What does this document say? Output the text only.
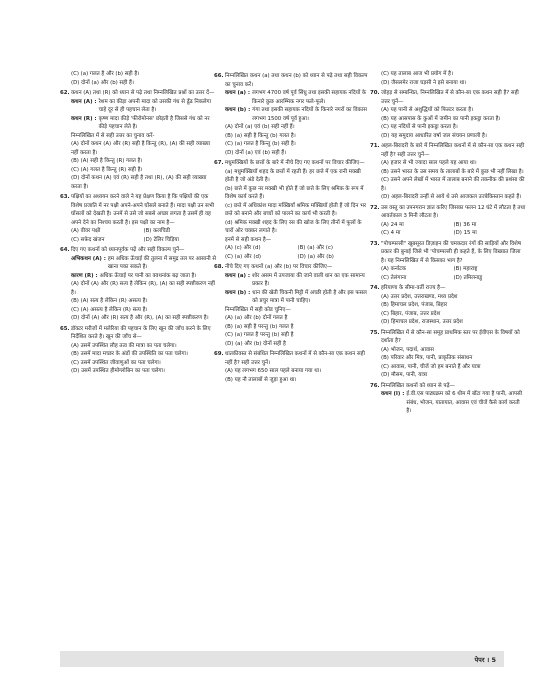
(C) (a) गलत है और (b) सही है।
(D) दोनों (a) और (b) सही हैं।
62. कथन (A) तथा (R) को ध्यान से पढ़े तथा निम्नलिखित प्रश्नों का उत्तर दें—
कथन (A) : रेशम का कीड़ा अपनी मादा को उसकी गंध से ढूँढ निकलेगा चाहे दूर से ही पहचान लेता है।
कथन (R) : कृष्ण मादा कीड़े 'फीरोमोनस' छोड़ती है जिससे गंध को नर कीड़े पहचान लेते है।
निम्नलिखित में से सही उत्तर का चुनाव करें-
(A) दोनों कथन (A) और (R) सही है किन्तु (R), (A) की सही व्याख्या नहीं करता है।
(B) (A) सही है किन्तु (R) गलत है।
(C) (A) गलत है किन्तु (R) सही है।
(D) दोनों कथन (A) एवं (R) सही है तथा (R), (A) की सही व्याख्या करता है।
63. पक्षियों का अध्ययन करने वाले ने यह प्रेक्षण किया है कि पक्षियों की एक विशेष प्रजाति में नर पक्षी अपने-अपने घोंसले बनाते हैं। मादा पक्षी उन सभी घोंसलों को देखती है। उनमें से उसे जो सबसे अच्छा लगता है उसमें ही वह अपने देने का निश्चय करती है। इस पक्षी का नाम है—
(A) वीवर पक्षी	(B) कलचिडी
(C) सफ़ेद खंजन	(D) टेलिर चिड़िया
64. दिए गए कथनों को ध्यानपूर्वक पढ़ें और सही विकल्प चुनें—
अभिकथन (A) : हम अधिक ऊँचाई की तुलना में समुद्र तल पर आसानी से खाना पका सकते है।
कारण (R) : अधिक ऊँचाई पर पानी का क्वथनांक बढ़ जाता है।
(A) दोनों (A) और (R) सत्य है लेकिन (R), (A) का सही स्पष्टीकरण नहीं है।
(B) (A) सत्य है लेकिन (R) असत्य है।
(C) (A) असत्य है लेकिन (R) सत्य है।
(D) दोनों (A) और (R) सत्य है और (R), (A) का सही स्पष्टीकरण है।
65. डॉक्टर मरीजों में मलेरिया की पहचान के लिए खून की जाँच करने के लिए निर्देशित करते है। खून की जाँच से—
(A) उसमें उपस्थित लौह तत्व की मात्रा का पता चलेगा।
(B) उसमें मादा मच्छर के अंडों की उपस्थिति का पता चलेगा।
(C) उसमें उपस्थित जीवाणुओं का पता चलेगा।
(D) उसमें उपस्थित हीमोग्लोबिन का पता चलेगा।
66. निम्नलिखित कथन (a) तथा कथन (b) को ध्यान से पढ़े तथा सही विकल्प का चुनाव करें।
कथन (a) : लगभग 4700 वर्ष पूर्व सिंधु तथा इसकी सहायक नदियों के किनारे कुछ आरम्भिक नगर फले-फूले।
कथन (b) : गंगा तथा इसकी सहायक नदियों के किनारे नगरों का विकास लगभग 1500 वर्ष पूर्व हुआ।
(A) दोनों (a) एवं (b) सही नहीं हैं।
(B) (a) सही है किन्तु (b) गलत है।
(C) (a) गलत है किन्तु (b) सही है।
(D) दोनों (a) एवं (b) सही हैं।
67. मधुमक्खियों के छत्तों के बारे में नीचे दिए गए कथनों पर विचार कीजिए—
(a) मधुमक्खियाँ शहद के छत्तों में रहती हैं। हर छत्ते में एक रानी मक्खी होती है जो अंडे देती है।
(b) छत्ते में कुछ नर मक्खी भी होते हैं जो छत्ते के लिए श्रमिक के रूप में विशेष कार्य करते हैं।
(c) छत्ते में अधिकांश मादा मक्खियाँ श्रमिक मक्खियाँ होती हैं जो दिन भर छत्ते को बनाने और बच्चों को पालने का कार्य भी करती है।
(d) श्रमिक मक्खी शहद के लिए रस की खोज के लिए तीनों में फूलों के चारों ओर चक्कर लगाते है।
इनमें से सही कथन है—
(A) (c) और (d)	(B) (a) और (c)
(C) (a) और (d)	(D) (a) और (b)
68. नीचे दिए गए कथनों (a) और (b) पर विचार कीजिए—
कथन (a) : शोर असम में उपजाया की जाने वाली धान का एक सामान्य प्रकार है।
कथन (b) : धान की खेती चिकनी मिट्टी में अच्छी होती है और इस फसल को प्रचुर मात्रा में पानी चाहिए।
निम्नलिखित में सही कोड चुनिए—
(A) (a) और (b) दोनों गलत है
(B) (a) सही है परन्तु (b) गलत है
(C) (a) गलत है परन्तु (b) सही है
(D) (a) और (b) दोनों सही है
69. धातकीवस्त से संबंधित निम्नलिखित कथनों में से कौन-सा एक कथन सही नहीं है? सही उत्तर चुनें।
(A) यह लगभग 650 साल पहले बनाया गया था।
(B) यह नौ तालाबों से जुड़ा हुआ था।
(C) यह तालाब आज भी प्रयोग में है।
(D) जैसलमेर राजा घड़सी ने इसे बनाया था।
70. जोहड़ से सम्बन्धित, निम्नलिखित में से कौन-सा एक कथन सही है? सही उत्तर चुनें—
(A) यह पानी से अशुद्धियों को फिल्टर करता है।
(B) यह आसपास के कुओं में जमीन का पानी इकट्ठा करता है।
(C) यह नदियों से पानी इकट्ठा करता है।
(D) यह समुदाय आधारित वर्षा जल संचयन प्रणाली है।
71. अहल-बिरादरी के बारे में निम्नलिखित कथनों में से कौन-सा एक कथन सही नहीं है? सही उत्तर चुनें—
(A) हजार से भी ज्यादा साल पहले यह आया था।
(B) उसने भारत के उस समय के तालाबों के बारे में कुछ भी नहीं लिखा है।
(C) उसने अपने लेखों में भारत में तालाब बनाने की तकनीक की प्रशंसा की है।
(D) अहल-बिरादरी उन्हीं से आये थे उसे आजकल उज्बेकिस्तान कहते हैं।
72. उस वस्तु का उपनगरान ज्ञात करिए जिसका फलन 12 घंटे में लौटता है तथा आवर्तकाल 3 मिनी लौटता है।
(A) 24 मा	(B) 36 मा
(C) 4 मा	(D) 15 मा
73. "पोचम्पल्ली" खूबसूरत डिज़ाइन की चमकदार रंगों की साड़ियों और विशेष प्रकार की बुनाई जिसे भी 'पोचम्पल्ली ही कहते हैं, के लिए विख्यात जिला है। यह निम्नलिखित में से किसका भाग है?
(A) कर्नाटक	(B) महाराष्ट्र
(C) तेलंगाना	(D) तमिलनाडु
74. हरियाणा के सीमा-वर्ती राज्य है—
(A) उत्तर प्रदेश, उत्तराखण्ड, मध्य प्रदेश
(B) हिमाचल प्रदेश, पंजाब, बिहार
(C) बिहार, पंजाब, उत्तर प्रदेश
(D) हिमाचल प्रदेश, राजस्थान, उत्तर प्रदेश
75. निम्नलिखित में से कौन-सा समूह प्राथमिक स्तर पर ईवीएस के विषयों को दर्शाता है?
(A) भोजन, पदार्थ, आवास
(B) परिवार और मित्र, पानी, प्राकृतिक संसाधन
(C) आवास, पानी, चीजें जो हम बनाते हैं और यात्रा
(D) मौसम, पानी, यात्रा
76. निम्नलिखित कथनों को ध्यान से पढ़ें—
कथन (I) : ई.वी.एस पाठ्यक्रम को 6 थीम में बाँटा गया है पानी, आपसी संबंध, भोजन, यातायात, आवास एवं चीजें कैसे कार्य करती है।
पेपर । 5
